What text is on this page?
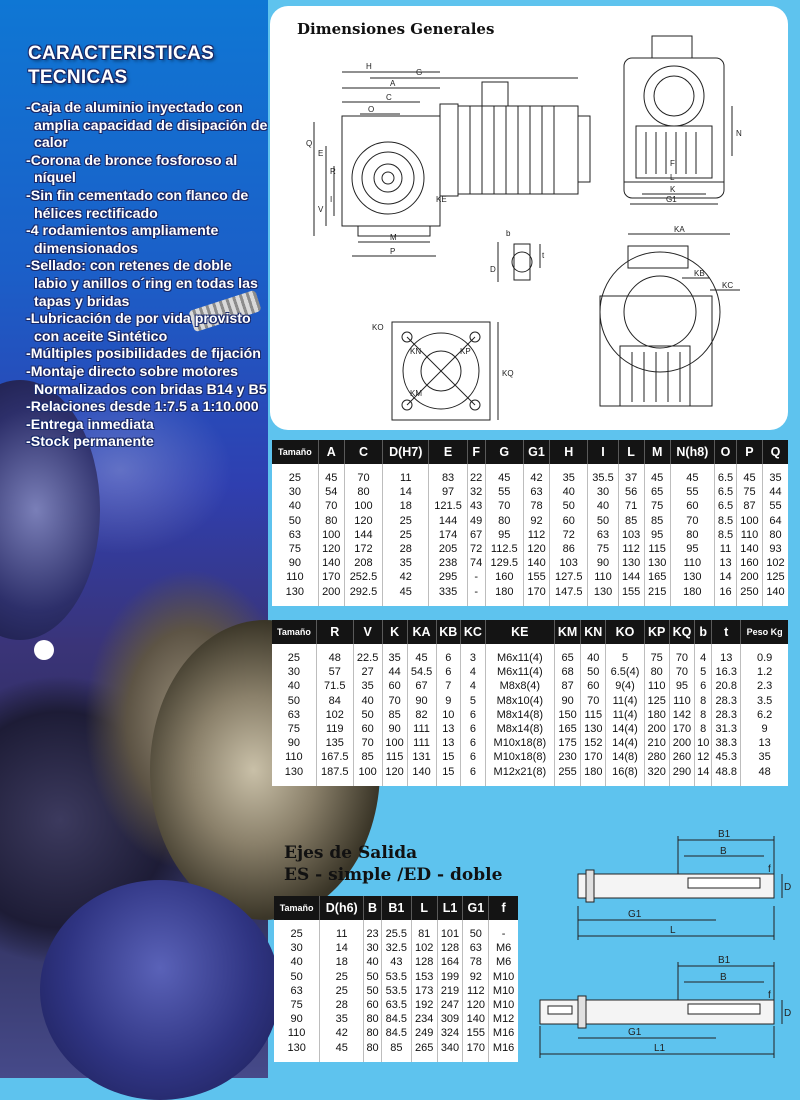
CARACTERISTICAS
TECNICAS
-Caja de aluminio inyectado con amplia capacidad de disipación de calor
-Corona de bronce fosforoso al níquel
-Sin fin cementado con flanco de hélices rectificado
-4 rodamientos ampliamente dimensionados
-Sellado: con retenes de doble labio y anillos o´ring en todas las tapas y bridas
-Lubricación de por vida provisto con aceite Sintético
-Múltiples posibilidades de fijación
-Montaje directo sobre motores Normalizados con bridas B14 y B5
-Relaciones desde 1:7.5 a 1:10.000
-Entrega inmediata
-Stock permanente
H
G
A
C
O
Q
E
R
I
V
KE
M
P
N
F
L
K
G1
b
t
D
KA
KB
KC
KO
KN	KP
KM
KQ
Dimensiones Generales
Tamaño	A	C	D(H7)	E	F	G	G1	H	I	L	M	N(h8)	O	P	Q
25	45	70	11	83	22	45	42	35	35.5	37	45	45	6.5	45	35
30	54	80	14	97	32	55	63	40	30	56	65	55	6.5	75	44
40	70	100	18	121.5	43	70	78	50	40	71	75	60	6.5	87	55
50	80	120	25	144	49	80	92	60	50	85	85	70	8.5	100	64
63	100	144	25	174	67	95	112	72	63	103	95	80	8.5	110	80
75	120	172	28	205	72	112.5	120	86	75	112	115	95	11	140	93
90	140	208	35	238	74	129.5	140	103	90	130	130	110	13	160	102
110	170	252.5	42	295	-	160	155	127.5	110	144	165	130	14	200	125
130	200	292.5	45	335	-	180	170	147.5	130	155	215	180	16	250	140
Tamaño	R	V	K	KA	KB	KC	KE	KM	KN	KO	KP	KQ	b	t	Peso Kg
25	48	22.5	35	45	6	3	M6x11(4)	65	40	5	75	70	4	13	0.9
30	57	27	44	54.5	6	4	M6x11(4)	68	50	6.5(4)	80	70	5	16.3	1.2
40	71.5	35	60	67	7	4	M8x8(4)	87	60	9(4)	110	95	6	20.8	2.3
50	84	40	70	90	9	5	M8x10(4)	90	70	11(4)	125	110	8	28.3	3.5
63	102	50	85	82	10	6	M8x14(8)	150	115	11(4)	180	142	8	28.3	6.2
75	119	60	90	111	13	6	M8x14(8)	165	130	14(4)	200	170	8	31.3	9
90	135	70	100	111	13	6	M10x18(8)	175	152	14(4)	210	200	10	38.3	13
110	167.5	85	115	131	15	6	M10x18(8)	230	170	14(8)	280	260	12	45.3	35
130	187.5	100	120	140	15	6	M12x21(8)	255	180	16(8)	320	290	14	48.8	48
Ejes de Salida
ES - simple /ED - doble
Tamaño	D(h6)	B	B1	L	L1	G1	f
25	11	23	25.5	81	101	50	-
30	14	30	32.5	102	128	63	M6
40	18	40	43	128	164	78	M6
50	25	50	53.5	153	199	92	M10
63	25	50	53.5	173	219	112	M10
75	28	60	63.5	192	247	120	M10
90	35	80	84.5	234	309	140	M12
110	42	80	84.5	249	324	155	M16
130	45	80	85	265	340	170	M16
B1
B
f
D
G1
L
B1
B
f
D
G1
L1
